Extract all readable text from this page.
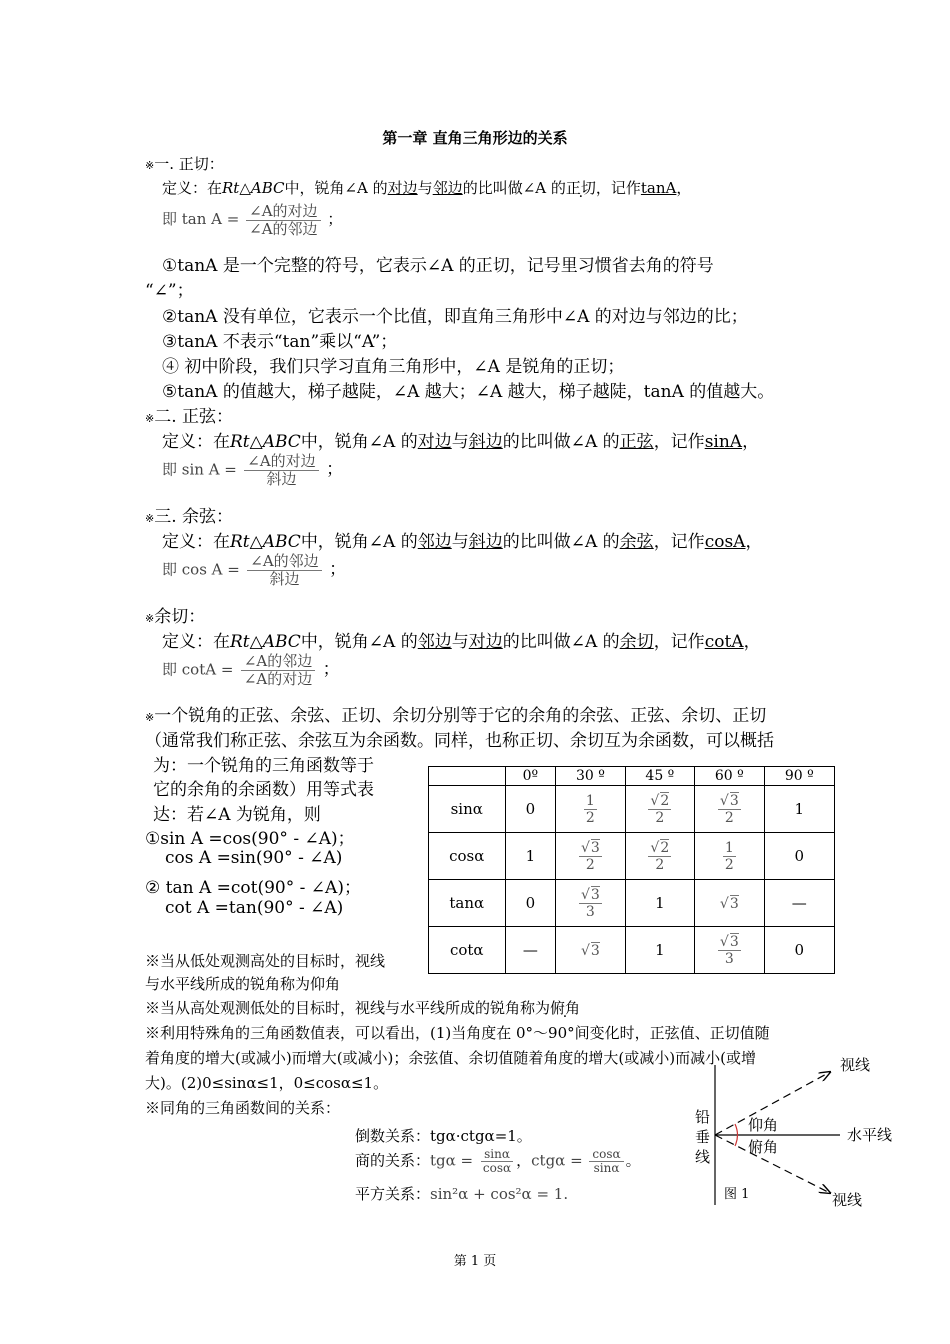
第一章 直角三角形边的关系
※一. 正切：
定义：在Rt△ABC中，锐角∠A 的对边与邻边的比叫做∠A 的正切，记作tanA，
即 $\tan A = \frac{\text{∠A的对边}}{\text{∠A的邻边}}$ ；
①tanA 是一个完整的符号，它表示∠A 的正切，记号里习惯省去角的符号
“∠”；
②tanA 没有单位，它表示一个比值，即直角三角形中∠A 的对边与邻边的比；
③tanA 不表示“tan”乘以“A”；
④ 初中阶段，我们只学习直角三角形中，∠A 是锐角的正切；
⑤tanA 的值越大，梯子越陡，∠A 越大；∠A 越大，梯子越陡，tanA 的值越大。
※二. 正弦：
定义：在Rt△ABC中，锐角∠A 的对边与斜边的比叫做∠A 的正弦，记作sinA，
即 $\sin A = \frac{\text{∠A的对边}}{\text{斜边}}$ ；
※三. 余弦：
定义：在Rt△ABC中，锐角∠A 的邻边与斜边的比叫做∠A 的余弦，记作cosA，
即 $\cos A = \frac{\text{∠A的邻边}}{\text{斜边}}$ ；
※余切：
定义：在Rt△ABC中，锐角∠A 的邻边与对边的比叫做∠A 的余切，记作cotA，
即 $\cot A = \frac{\text{∠A的邻边}}{\text{∠A的对边}}$ ；
※一个锐角的正弦、余弦、正切、余切分别等于它的余角的余弦、正弦、余切、正切
（通常我们称正弦、余弦互为余函数。同样，也称正切、余切互为余函数，可以概括
为：一个锐角的三角函数等于
它的余角的余函数）用等式表
达：若∠A 为锐角，则
①sin A =cos(90° - ∠A)；
cos A =sin(90° - ∠A)
② tan A =cot(90° - ∠A)；
cot A =tan(90° - ∠A)
	0º	30 º	45 º	60 º	90 º
sinα	0	$\frac{1}{2}$	$\frac{√2}{2}$	$\frac{√3}{2}$	1
cosα	1	$\frac{√3}{2}$	$\frac{√2}{2}$	$\frac{1}{2}$	0
tanα	0	$\frac{√3}{3}$	1	√3	—
cotα	—	√3	1	$\frac{√3}{3}$	0
※当从低处观测高处的目标时，视线
与水平线所成的锐角称为仰角
※当从高处观测低处的目标时，视线与水平线所成的锐角称为俯角
※利用特殊角的三角函数值表，可以看出，(1)当角度在 0°～90°间变化时，正弦值、正切值随
着角度的增大(或减小)而增大(或减小)；余弦值、余切值随着角度的增大(或减小)而减小(或增
大)。(2)0≤sinα≤1，0≤cosα≤1。
※同角的三角函数间的关系：
倒数关系：tgα·ctgα=1。
商的关系：$tg\alpha = \frac{\sin\alpha}{\cos\alpha}$ ，$ctg\alpha = \frac{\cos\alpha}{\sin\alpha}$ 。
平方关系：sin²α + cos²α = 1.
视线
水平线
视线
铅
垂
线
仰角
俯角
图 1
第 1 页
